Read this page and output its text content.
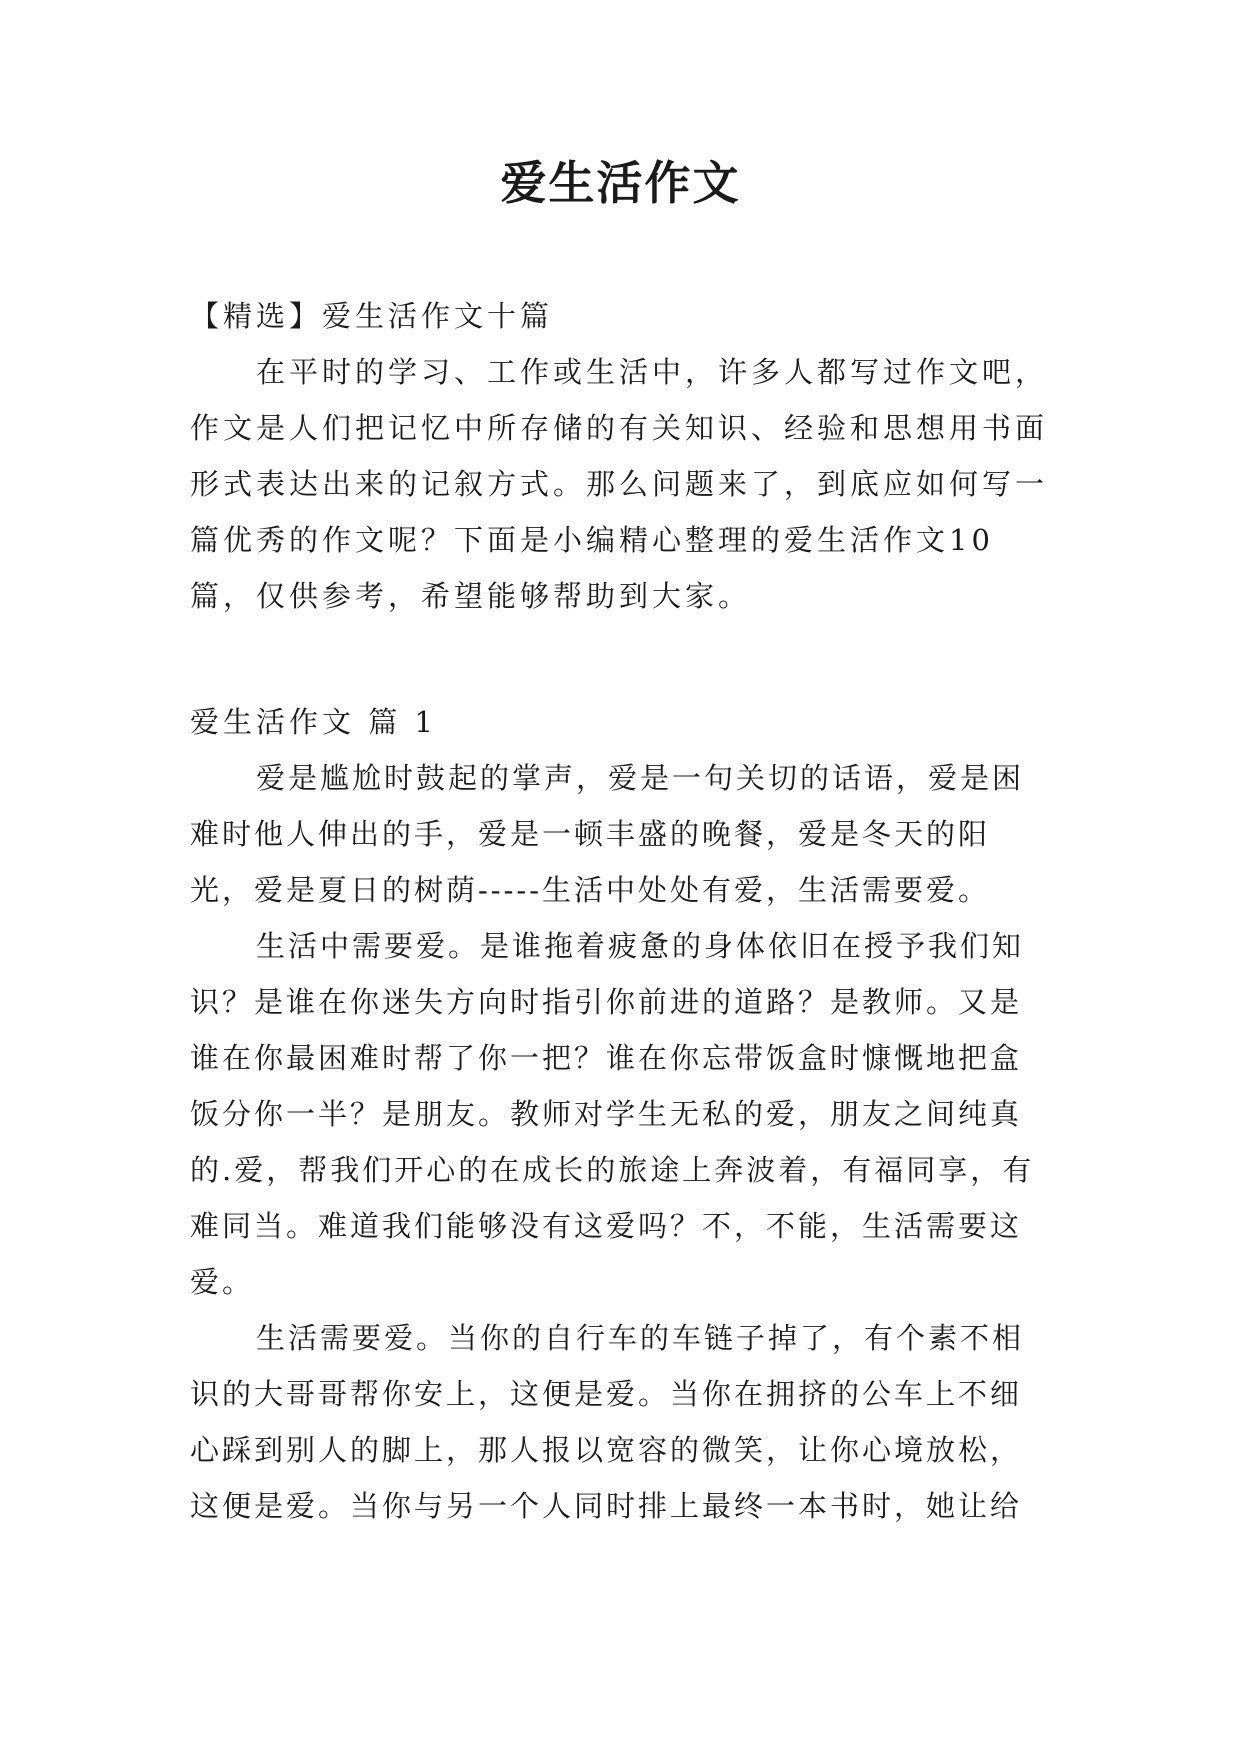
爱生活作文

【精选】爱生活作文十篇

在平时的学习、工作或生活中，许多人都写过作文吧，作文是人们把记忆中所存储的有关知识、经验和思想用书面形式表达出来的记叙方式。那么问题来了，到底应如何写一篇优秀的作文呢？下面是小编精心整理的爱生活作文10篇，仅供参考，希望能够帮助到大家。

爱生活作文 篇 1

爱是尴尬时鼓起的掌声，爱是一句关切的话语，爱是困难时他人伸出的手，爱是一顿丰盛的晚餐，爱是冬天的阳光，爱是夏日的树荫-----生活中处处有爱，生活需要爱。

生活中需要爱。是谁拖着疲惫的身体依旧在授予我们知识？是谁在你迷失方向时指引你前进的道路？是教师。又是谁在你最困难时帮了你一把？谁在你忘带饭盒时慷慨地把盒饭分你一半？是朋友。教师对学生无私的爱，朋友之间纯真的.爱，帮我们开心的在成长的旅途上奔波着，有福同享，有难同当。难道我们能够没有这爱吗？不，不能，生活需要这爱。

生活需要爱。当你的自行车的车链子掉了，有个素不相识的大哥哥帮你安上，这便是爱。当你在拥挤的公车上不细心踩到别人的脚上，那人报以宽容的微笑，让你心境放松，这便是爱。当你与另一个人同时排上最终一本书时，她让给
